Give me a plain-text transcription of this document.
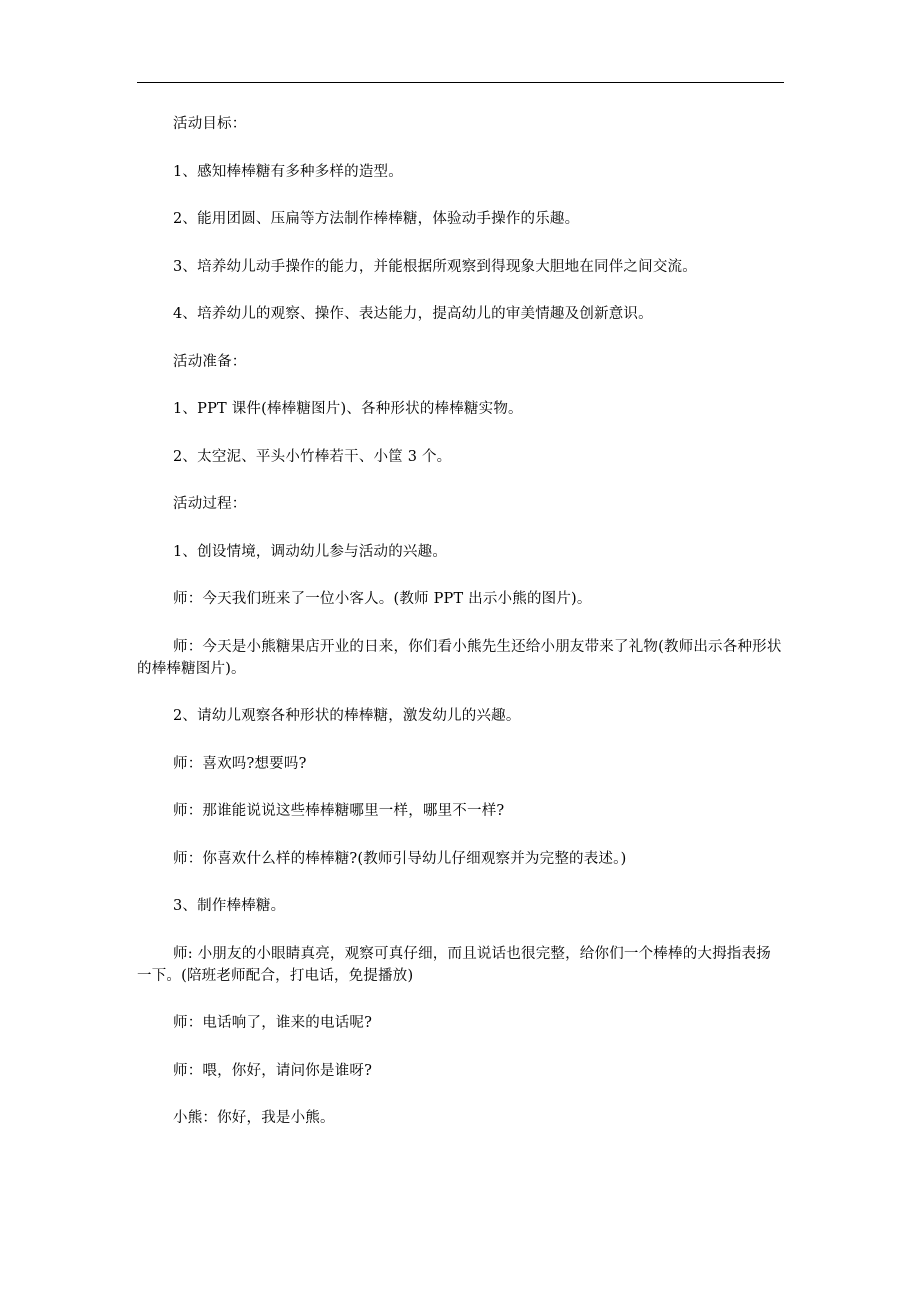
活动目标：

1、感知棒棒糖有多种多样的造型。

2、能用团圆、压扁等方法制作棒棒糖，体验动手操作的乐趣。

3、培养幼儿动手操作的能力，并能根据所观察到得现象大胆地在同伴之间交流。

4、培养幼儿的观察、操作、表达能力，提高幼儿的审美情趣及创新意识。

活动准备：

1、PPT 课件(棒棒糖图片)、各种形状的棒棒糖实物。

2、太空泥、平头小竹棒若干、小筐 3 个。

活动过程：

1、创设情境，调动幼儿参与活动的兴趣。

师：今天我们班来了一位小客人。(教师 PPT 出示小熊的图片)。

师：今天是小熊糖果店开业的日来，你们看小熊先生还给小朋友带来了礼物(教师出示各种形状的棒棒糖图片)。

2、请幼儿观察各种形状的棒棒糖，激发幼儿的兴趣。

师：喜欢吗?想要吗?

师：那谁能说说这些棒棒糖哪里一样，哪里不一样?

师：你喜欢什么样的棒棒糖?(教师引导幼儿仔细观察并为完整的表述。)

3、制作棒棒糖。

师: 小朋友的小眼睛真亮，观察可真仔细，而且说话也很完整，给你们一个棒棒的大拇指表扬一下。(陪班老师配合，打电话，免提播放)

师：电话响了，谁来的电话呢?

师：喂，你好，请问你是谁呀?

小熊：你好，我是小熊。
